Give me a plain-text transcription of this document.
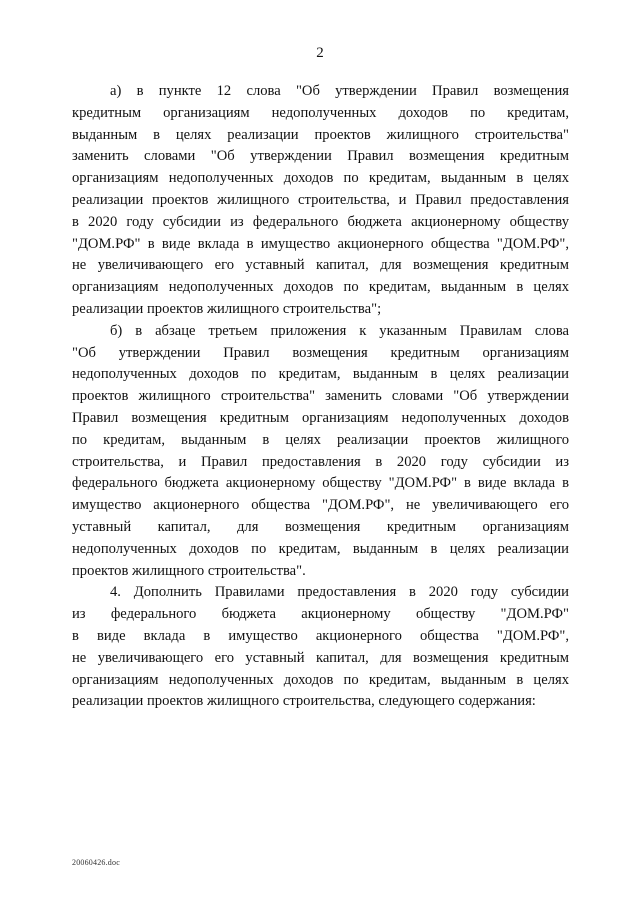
2
а) в пункте 12 слова "Об утверждении Правил возмещения
кредитным организациям недополученных доходов по кредитам,
выданным в целях реализации проектов жилищного строительства"
заменить словами "Об утверждении Правил возмещения кредитным
организациям недополученных доходов по кредитам, выданным в целях
реализации проектов жилищного строительства, и Правил предоставления
в 2020 году субсидии из федерального бюджета акционерному обществу
"ДОМ.РФ" в виде вклада в имущество акционерного общества "ДОМ.РФ",
не увеличивающего его уставный капитал, для возмещения кредитным
организациям недополученных доходов по кредитам, выданным в целях
реализации проектов жилищного строительства";
б) в абзаце третьем приложения к указанным Правилам слова
"Об утверждении Правил возмещения кредитным организациям
недополученных доходов по кредитам, выданным в целях реализации
проектов жилищного строительства" заменить словами "Об утверждении
Правил возмещения кредитным организациям недополученных доходов
по кредитам, выданным в целях реализации проектов жилищного
строительства, и Правил предоставления в 2020 году субсидии из
федерального бюджета акционерному обществу "ДОМ.РФ" в виде вклада в
имущество акционерного общества "ДОМ.РФ", не увеличивающего его
уставный капитал, для возмещения кредитным организациям
недополученных доходов по кредитам, выданным в целях реализации
проектов жилищного строительства".
4. Дополнить Правилами предоставления в 2020 году субсидии
из федерального бюджета акционерному обществу "ДОМ.РФ"
в виде вклада в имущество акционерного общества "ДОМ.РФ",
не увеличивающего его уставный капитал, для возмещения кредитным
организациям недополученных доходов по кредитам, выданным в целях
реализации проектов жилищного строительства, следующего содержания:
20060426.doc
